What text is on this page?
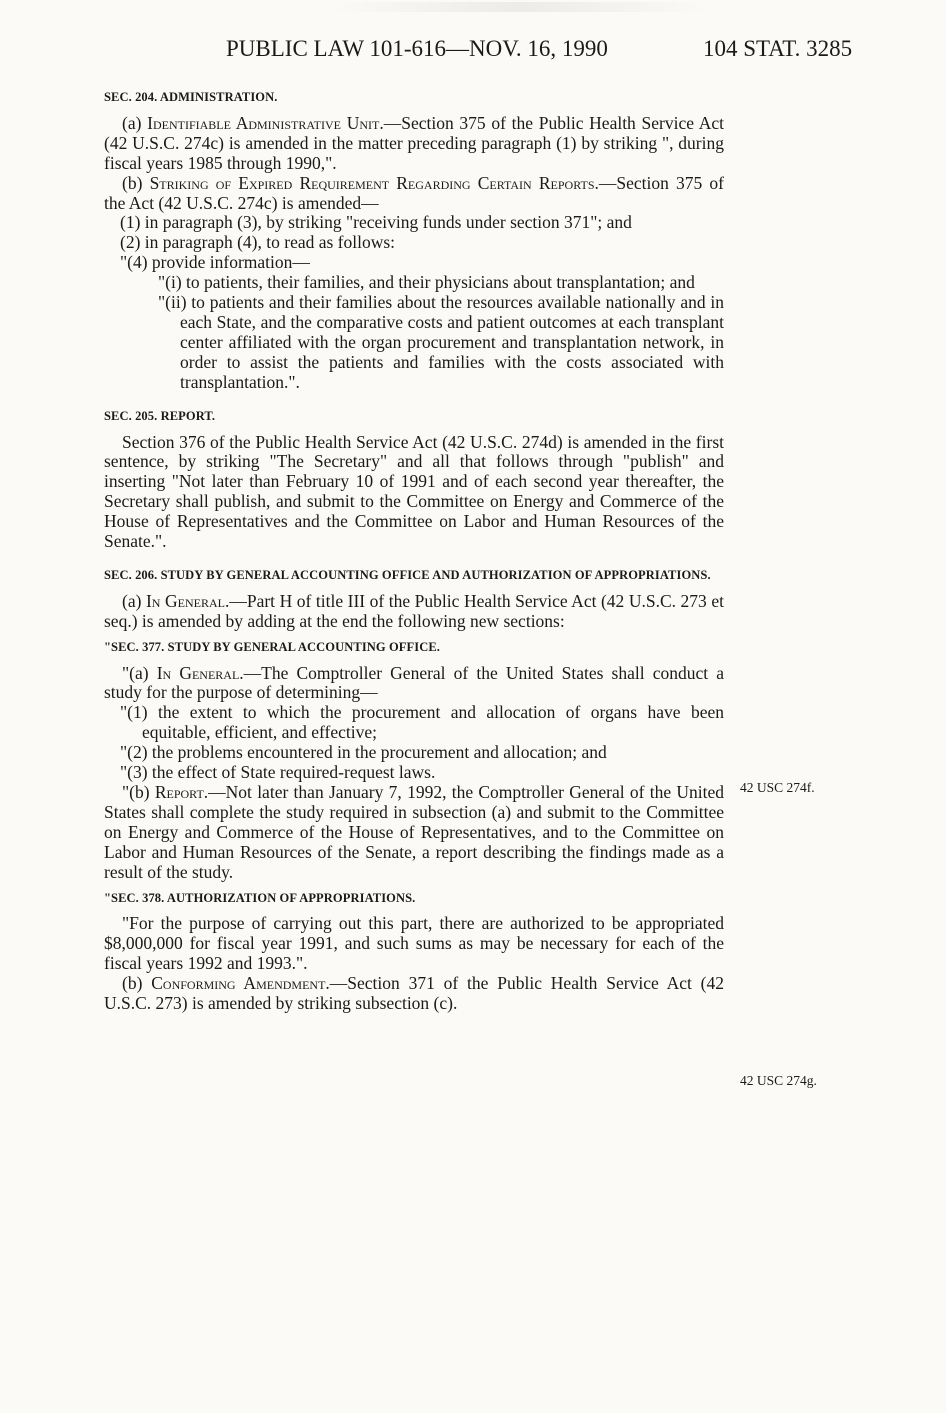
PUBLIC LAW 101-616—NOV. 16, 1990	104 STAT. 3285
42 USC 274f.
42 USC 274g.
SEC. 204. ADMINISTRATION.

(a) Identifiable Administrative Unit.—Section 375 of the Public Health Service Act (42 U.S.C. 274c) is amended in the matter preceding paragraph (1) by striking ", during fiscal years 1985 through 1990,".

(b) Striking of Expired Requirement Regarding Certain Reports.—Section 375 of the Act (42 U.S.C. 274c) is amended—

(1) in paragraph (3), by striking "receiving funds under section 371"; and

(2) in paragraph (4), to read as follows:

"(4) provide information—

"(i) to patients, their families, and their physicians about transplantation; and

"(ii) to patients and their families about the resources available nationally and in each State, and the comparative costs and patient outcomes at each transplant center affiliated with the organ procurement and transplantation network, in order to assist the patients and families with the costs associated with transplantation.".

SEC. 205. REPORT.

Section 376 of the Public Health Service Act (42 U.S.C. 274d) is amended in the first sentence, by striking "The Secretary" and all that follows through "publish" and inserting "Not later than February 10 of 1991 and of each second year thereafter, the Secretary shall publish, and submit to the Committee on Energy and Commerce of the House of Representatives and the Committee on Labor and Human Resources of the Senate.".

SEC. 206. STUDY BY GENERAL ACCOUNTING OFFICE AND AUTHORIZATION OF APPROPRIATIONS.

(a) In General.—Part H of title III of the Public Health Service Act (42 U.S.C. 273 et seq.) is amended by adding at the end the following new sections:

"SEC. 377. STUDY BY GENERAL ACCOUNTING OFFICE.

"(a) In General.—The Comptroller General of the United States shall conduct a study for the purpose of determining—

"(1) the extent to which the procurement and allocation of organs have been equitable, efficient, and effective;

"(2) the problems encountered in the procurement and allocation; and

"(3) the effect of State required-request laws.

"(b) Report.—Not later than January 7, 1992, the Comptroller General of the United States shall complete the study required in subsection (a) and submit to the Committee on Energy and Commerce of the House of Representatives, and to the Committee on Labor and Human Resources of the Senate, a report describing the findings made as a result of the study.

"SEC. 378. AUTHORIZATION OF APPROPRIATIONS.

"For the purpose of carrying out this part, there are authorized to be appropriated $8,000,000 for fiscal year 1991, and such sums as may be necessary for each of the fiscal years 1992 and 1993.".

(b) Conforming Amendment.—Section 371 of the Public Health Service Act (42 U.S.C. 273) is amended by striking subsection (c).
